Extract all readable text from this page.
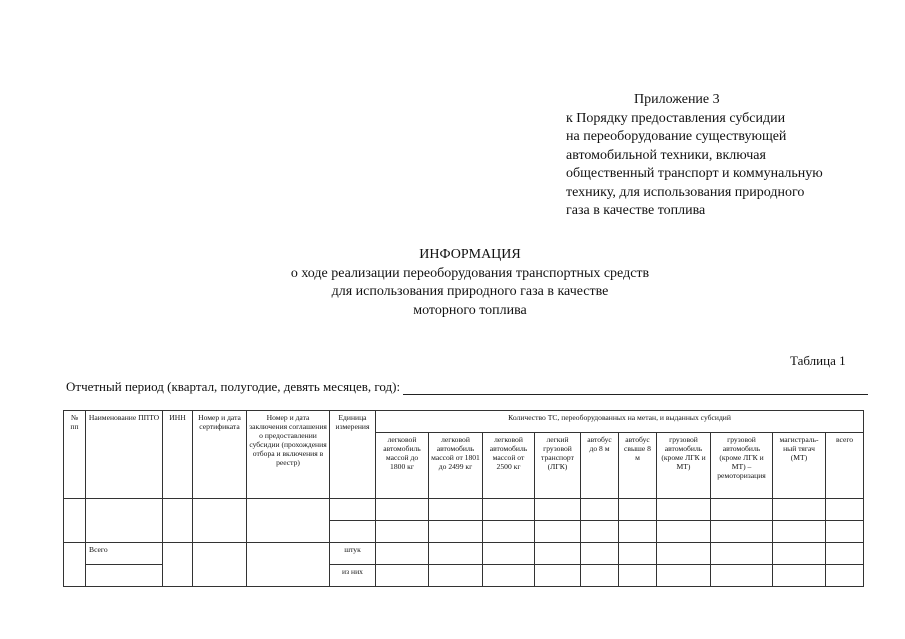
Приложение 3
к Порядку предоставления субсидии
на переоборудование существующей
автомобильной техники, включая
общественный транспорт и коммунальную
технику, для использования природного
газа в качестве топлива
ИНФОРМАЦИЯ
о ходе реализации переоборудования транспортных средств
для использования природного газа в качестве
моторного топлива
Таблица 1
Отчетный период (квартал, полугодие, девять месяцев, год):
№ пп	Наименование ППТО	ИНН	Номер и дата сертификата	Номер и дата заключения соглашения о предоставлении субсидии (прохождения отбора и включения в реестр)	Единица измерения	Количество ТС, переоборудованных на метан, и выданных субсидий									
						легковой автомобиль массой до 1800 кг	легковой автомобиль массой от 1801 до 2499 кг	легковой автомобиль массой от 2500 кг	легкий грузовой транспорт (ЛГК)	автобус до 8 м	автобус свыше 8 м	грузовой автомобиль (кроме ЛГК и МТ)	грузовой автомобиль (кроме ЛГК и МТ) – ремоторизация	магистраль-ный тягач (МТ)	всего

	Всего				штук										
					из них										
